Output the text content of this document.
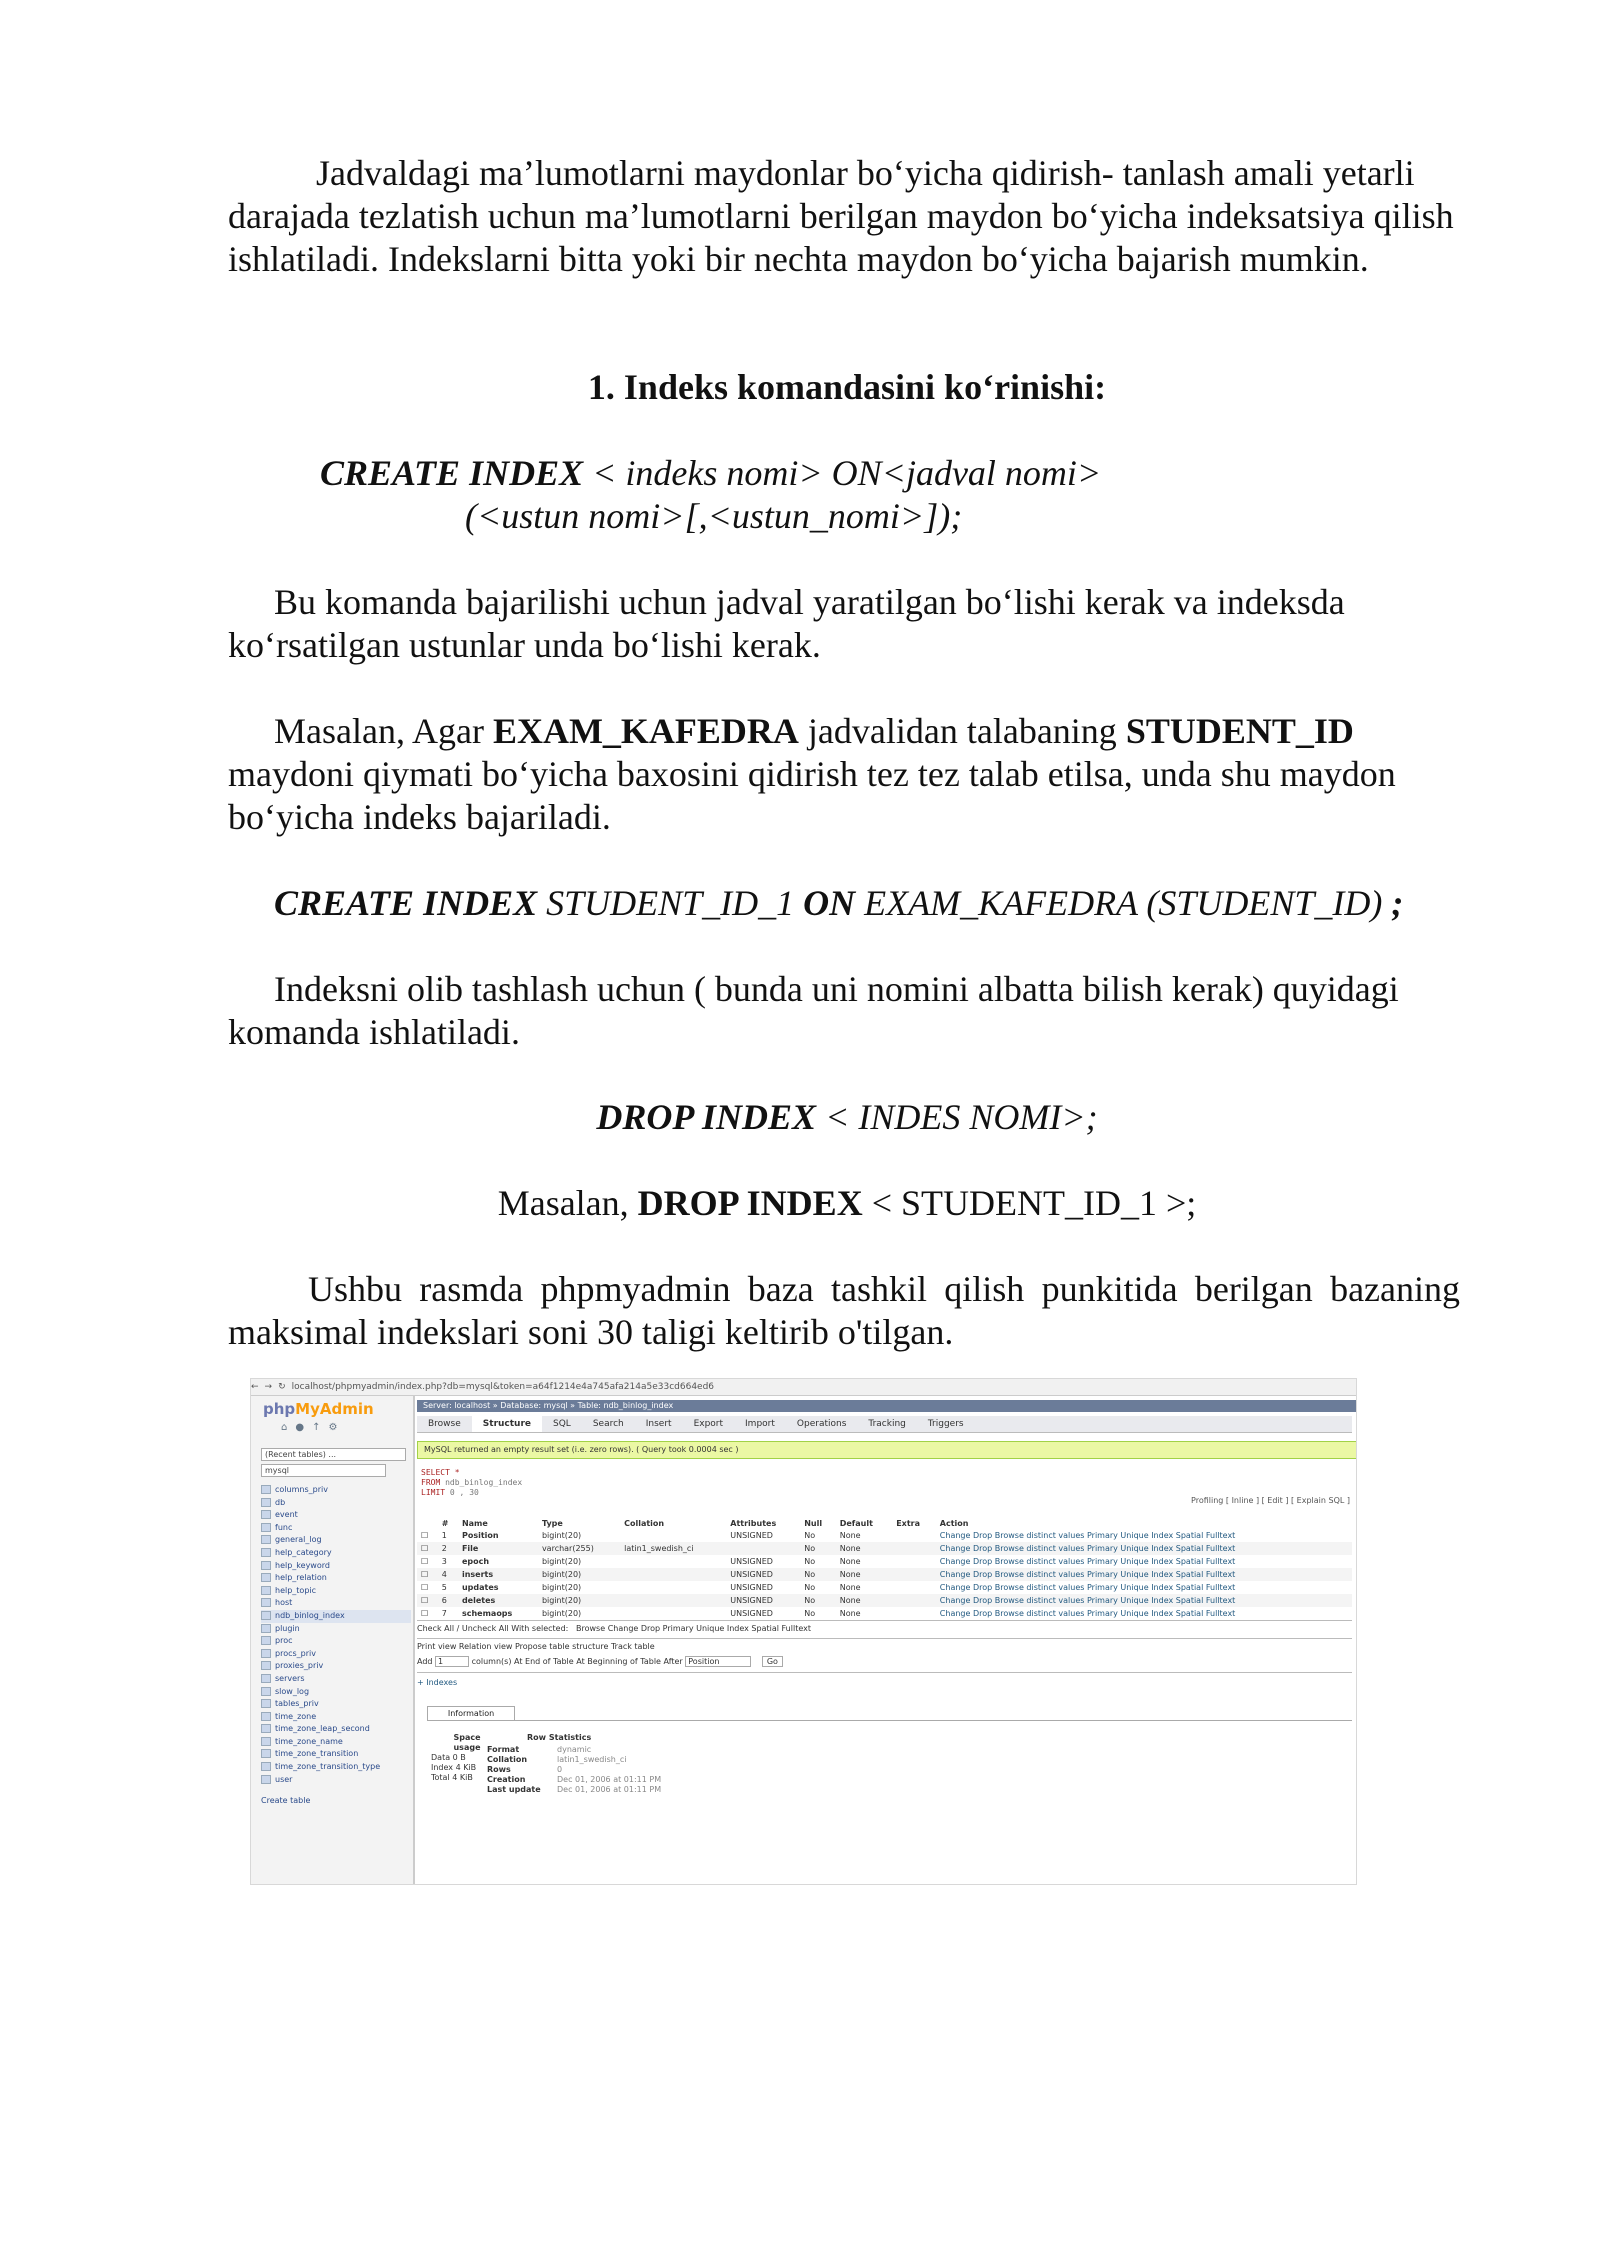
Jadvaldagi ma’lumotlarni maydonlar bo‘yicha qidirish- tanlash amali yetarli darajada tezlatish uchun ma’lumotlarni berilgan maydon bo‘yicha indeksatsiya qilish ishlatiladi. Indekslarni bitta yoki bir nechta maydon bo‘yicha bajarish mumkin.

1. Indeks komandasini ko‘rinishi:

CREATE INDEX < indeks nomi> ON<jadval nomi>

(<ustun nomi>[,<ustun_nomi>]);

Bu komanda bajarilishi uchun jadval yaratilgan bo‘lishi kerak va indeksda ko‘rsatilgan ustunlar unda bo‘lishi kerak.

Masalan, Agar EXAM_KAFEDRA jadvalidan talabaning STUDENT_ID maydoni qiymati bo‘yicha baxosini qidirish tez tez talab etilsa, unda shu maydon bo‘yicha indeks bajariladi.

CREATE INDEX STUDENT_ID_1 ON EXAM_KAFEDRA (STUDENT_ID) ;

Indeksni olib tashlash uchun ( bunda uni nomini albatta bilish kerak) quyidagi komanda ishlatiladi.

DROP INDEX < INDES NOMI>;

Masalan, DROP INDEX < STUDENT_ID_1 >;

Ushbu rasmda phpmyadmin baza tashkil qilish punkitida berilgan bazaning maksimal indekslari soni 30 taligi keltirib o'tilgan.

← → ↻ localhost/phpmyadmin/index.php?db=mysql&token=a64f1214e4a745afa214a5e33cd664ed6
phpMyAdmin
⌂●↑⚙
(Recent tables) ...
mysql
columns_priv
db
event
func
general_log
help_category
help_keyword
help_relation
help_topic
host
ndb_binlog_index
plugin
proc
procs_priv
proxies_priv
servers
slow_log
tables_priv
time_zone
time_zone_leap_second
time_zone_name
time_zone_transition
time_zone_transition_type
user
Create table
Server: localhost » Database: mysql » Table: ndb_binlog_index
Browse Structure SQL Search Insert Export Import Operations Tracking Triggers
MySQL returned an empty result set (i.e. zero rows). ( Query took 0.0004 sec )
SELECT *
FROM ndb_binlog_index
LIMIT 0 , 30
Profiling [ Inline ] [ Edit ] [ Explain SQL ]
	#	Name	Type	Collation	Attributes	Null	Default	Extra	Action
☐	1	Position	bigint(20)		UNSIGNED	No	None		Change Drop Browse distinct values Primary Unique Index Spatial Fulltext
☐	2	File	varchar(255)	latin1_swedish_ci		No	None		Change Drop Browse distinct values Primary Unique Index Spatial Fulltext
☐	3	epoch	bigint(20)		UNSIGNED	No	None		Change Drop Browse distinct values Primary Unique Index Spatial Fulltext
☐	4	inserts	bigint(20)		UNSIGNED	No	None		Change Drop Browse distinct values Primary Unique Index Spatial Fulltext
☐	5	updates	bigint(20)		UNSIGNED	No	None		Change Drop Browse distinct values Primary Unique Index Spatial Fulltext
☐	6	deletes	bigint(20)		UNSIGNED	No	None		Change Drop Browse distinct values Primary Unique Index Spatial Fulltext
☐	7	schemaops	bigint(20)		UNSIGNED	No	None		Change Drop Browse distinct values Primary Unique Index Spatial Fulltext
Check All / Uncheck All With selected: Browse Change Drop Primary Unique Index Spatial Fulltext
Print view Relation view Propose table structure Track table
Add 1	column(s) At End of Table At Beginning of Table After Position	Go
+ Indexes
Information
Space usage
Data 0 B
Index 4 KiB
Total 4 KiB
Row Statistics
Format	dynamic
Collation	latin1_swedish_ci
Rows	0
Creation	Dec 01, 2006 at 01:11 PM
Last update Dec 01, 2006 at 01:11 PM
